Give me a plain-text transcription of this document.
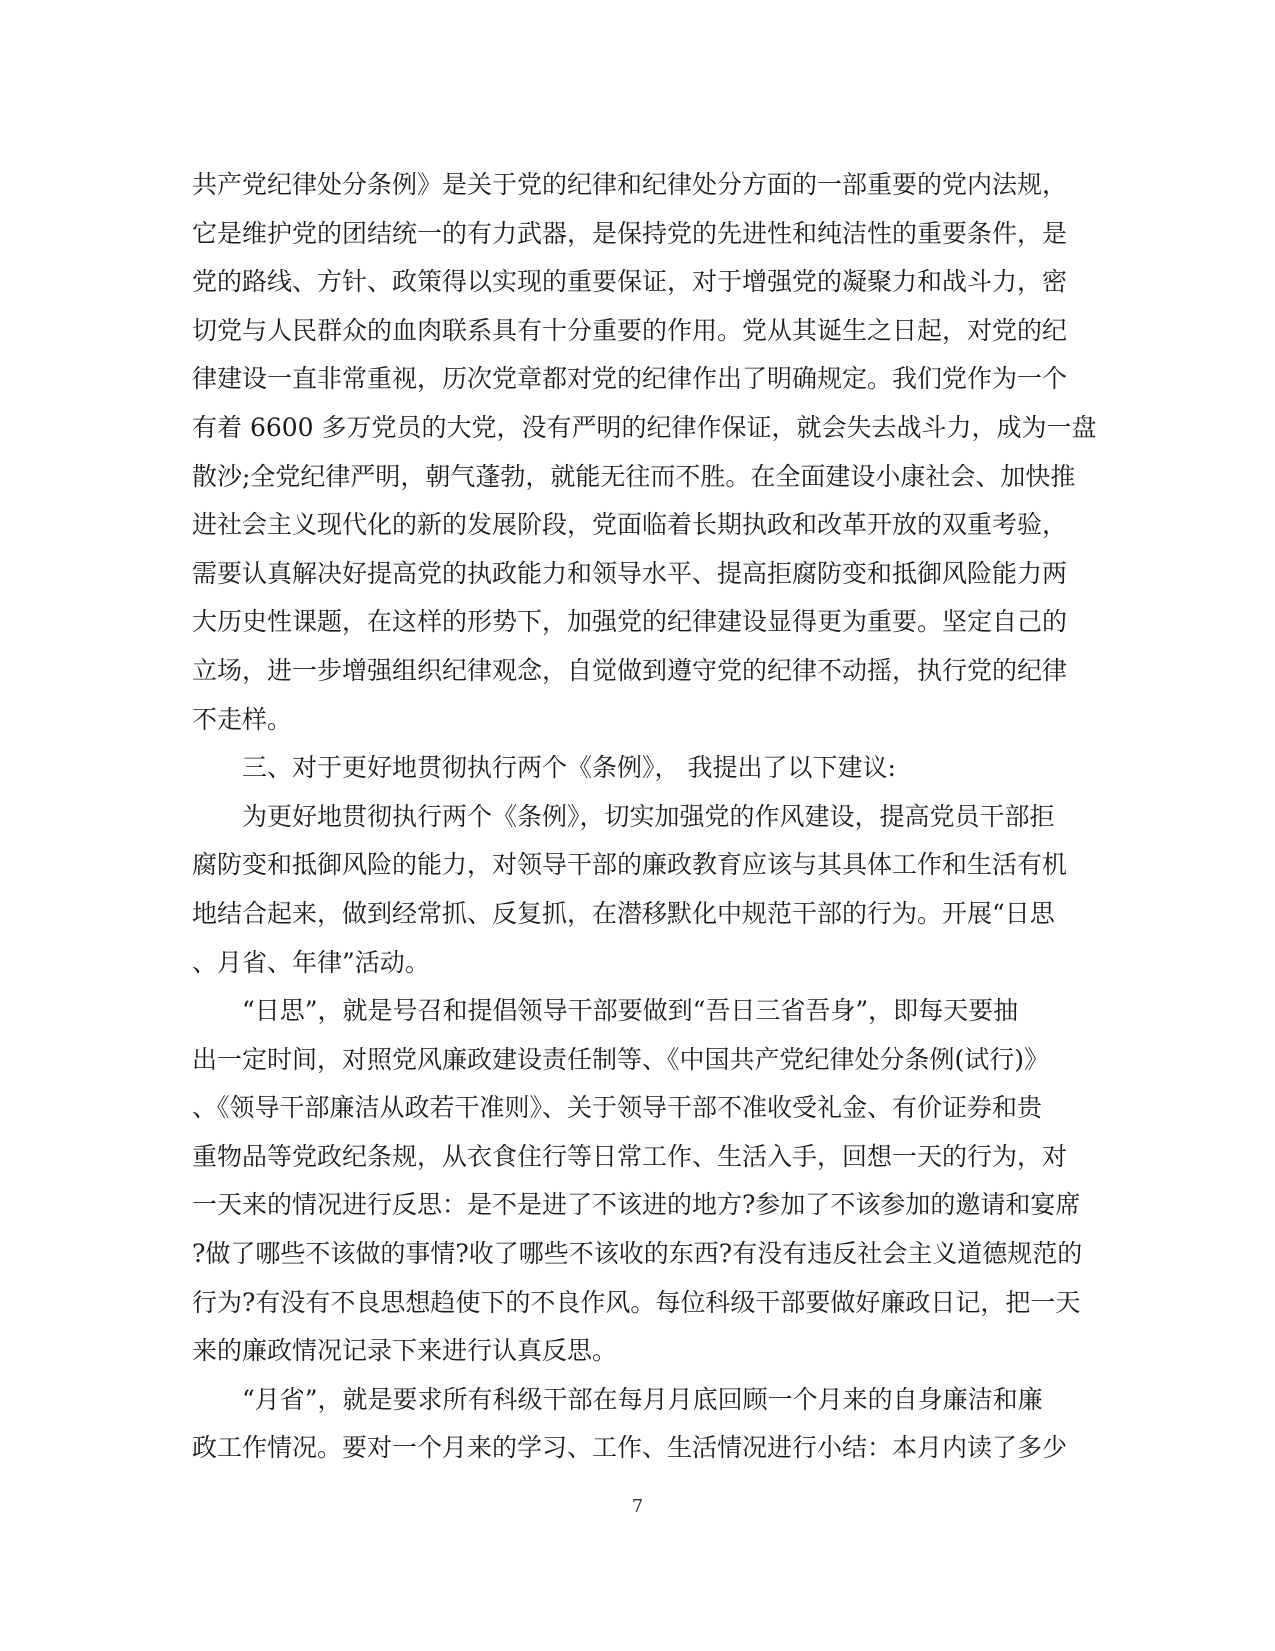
共产党纪律处分条例》是关于党的纪律和纪律处分方面的一部重要的党内法规，
它是维护党的团结统一的有力武器，是保持党的先进性和纯洁性的重要条件，是
党的路线、方针、政策得以实现的重要保证，对于增强党的凝聚力和战斗力，密
切党与人民群众的血肉联系具有十分重要的作用。党从其诞生之日起，对党的纪
律建设一直非常重视，历次党章都对党的纪律作出了明确规定。我们党作为一个
有着 6600 多万党员的大党，没有严明的纪律作保证，就会失去战斗力，成为一盘
散沙;全党纪律严明，朝气蓬勃，就能无往而不胜。在全面建设小康社会、加快推
进社会主义现代化的新的发展阶段，党面临着长期执政和改革开放的双重考验，
需要认真解决好提高党的执政能力和领导水平、提高拒腐防变和抵御风险能力两
大历史性课题，在这样的形势下，加强党的纪律建设显得更为重要。坚定自己的
立场，进一步增强组织纪律观念，自觉做到遵守党的纪律不动摇，执行党的纪律
不走样。
三、对于更好地贯彻执行两个《条例》， 我提出了以下建议:
为更好地贯彻执行两个《条例》，切实加强党的作风建设，提高党员干部拒
腐防变和抵御风险的能力，对领导干部的廉政教育应该与其具体工作和生活有机
地结合起来，做到经常抓、反复抓，在潜移默化中规范干部的行为。开展“日思
、月省、年律”活动。
“日思”，就是号召和提倡领导干部要做到“吾日三省吾身”，即每天要抽
出一定时间，对照党风廉政建设责任制等、《中国共产党纪律处分条例(试行)》
、《领导干部廉洁从政若干准则》、关于领导干部不准收受礼金、有价证券和贵
重物品等党政纪条规，从衣食住行等日常工作、生活入手，回想一天的行为，对
一天来的情况进行反思：是不是进了不该进的地方?参加了不该参加的邀请和宴席
?做了哪些不该做的事情?收了哪些不该收的东西?有没有违反社会主义道德规范的
行为?有没有不良思想趋使下的不良作风。每位科级干部要做好廉政日记，把一天
来的廉政情况记录下来进行认真反思。
“月省”，就是要求所有科级干部在每月月底回顾一个月来的自身廉洁和廉
政工作情况。要对一个月来的学习、工作、生活情况进行小结：本月内读了多少
7
